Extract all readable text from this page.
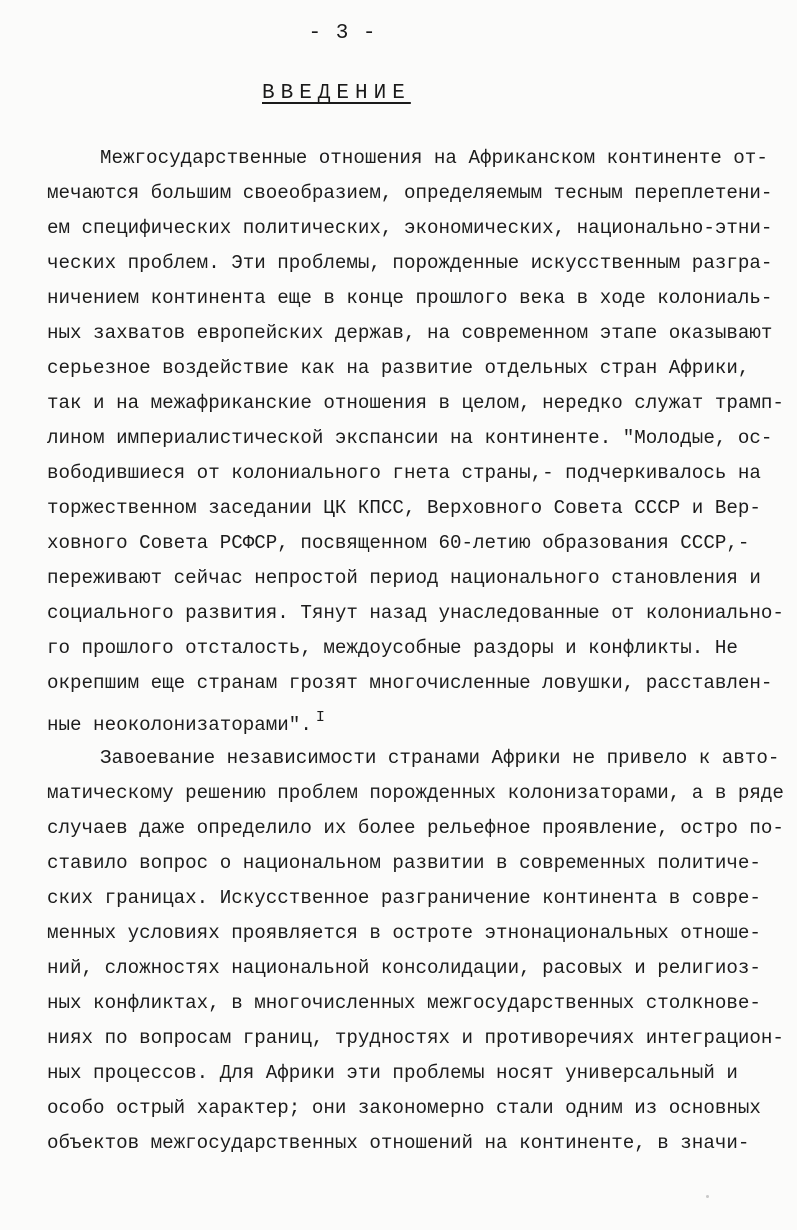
- 3 -
ВВЕДЕНИЕ
Межгосударственные отношения на Африканском континенте от-
мечаются большим своеобразием, определяемым тесным переплетени-
ем специфических политических, экономических, национально-этни-
ческих проблем. Эти проблемы, порожденные искусственным разгра-
ничением континента еще в конце прошлого века в ходе колониаль-
ных захватов европейских держав, на современном этапе оказывают
серьезное воздействие как на развитие отдельных стран Африки,
так и на межафриканские отношения в целом, нередко служат трамп-
лином империалистической экспансии на континенте. "Молодые, ос-
вободившиеся от колониального гнета страны,- подчеркивалось на
торжественном заседании ЦК КПСС, Верховного Совета СССР и Вер-
ховного Совета РСФСР, посвященном 60-летию образования СССР,-
переживают сейчас непростой период национального становления и
социального развития. Тянут назад унаследованные от колониально-
го прошлого отсталость, междоусобные раздоры и конфликты. Не
окрепшим еще странам грозят многочисленные ловушки, расставлен-
ные неоколонизаторами". $^I$
Завоевание независимости странами Африки не привело к авто-
матическому решению проблем порожденных колонизаторами, а в ряде
случаев даже определило их более рельефное проявление, остро по-
ставило вопрос о национальном развитии в современных политиче-
ских границах. Искусственное разграничение континента в совре-
менных условиях проявляется в остроте этнонациональных отноше-
ний, сложностях национальной консолидации, расовых и религиоз-
ных конфликтах, в многочисленных межгосударственных столкнове-
ниях по вопросам границ, трудностях и противоречиях интеграцион-
ных процессов. Для Африки эти проблемы носят универсальный и
особо острый характер; они закономерно стали одним из основных
объектов межгосударственных отношений на континенте, в значи-
